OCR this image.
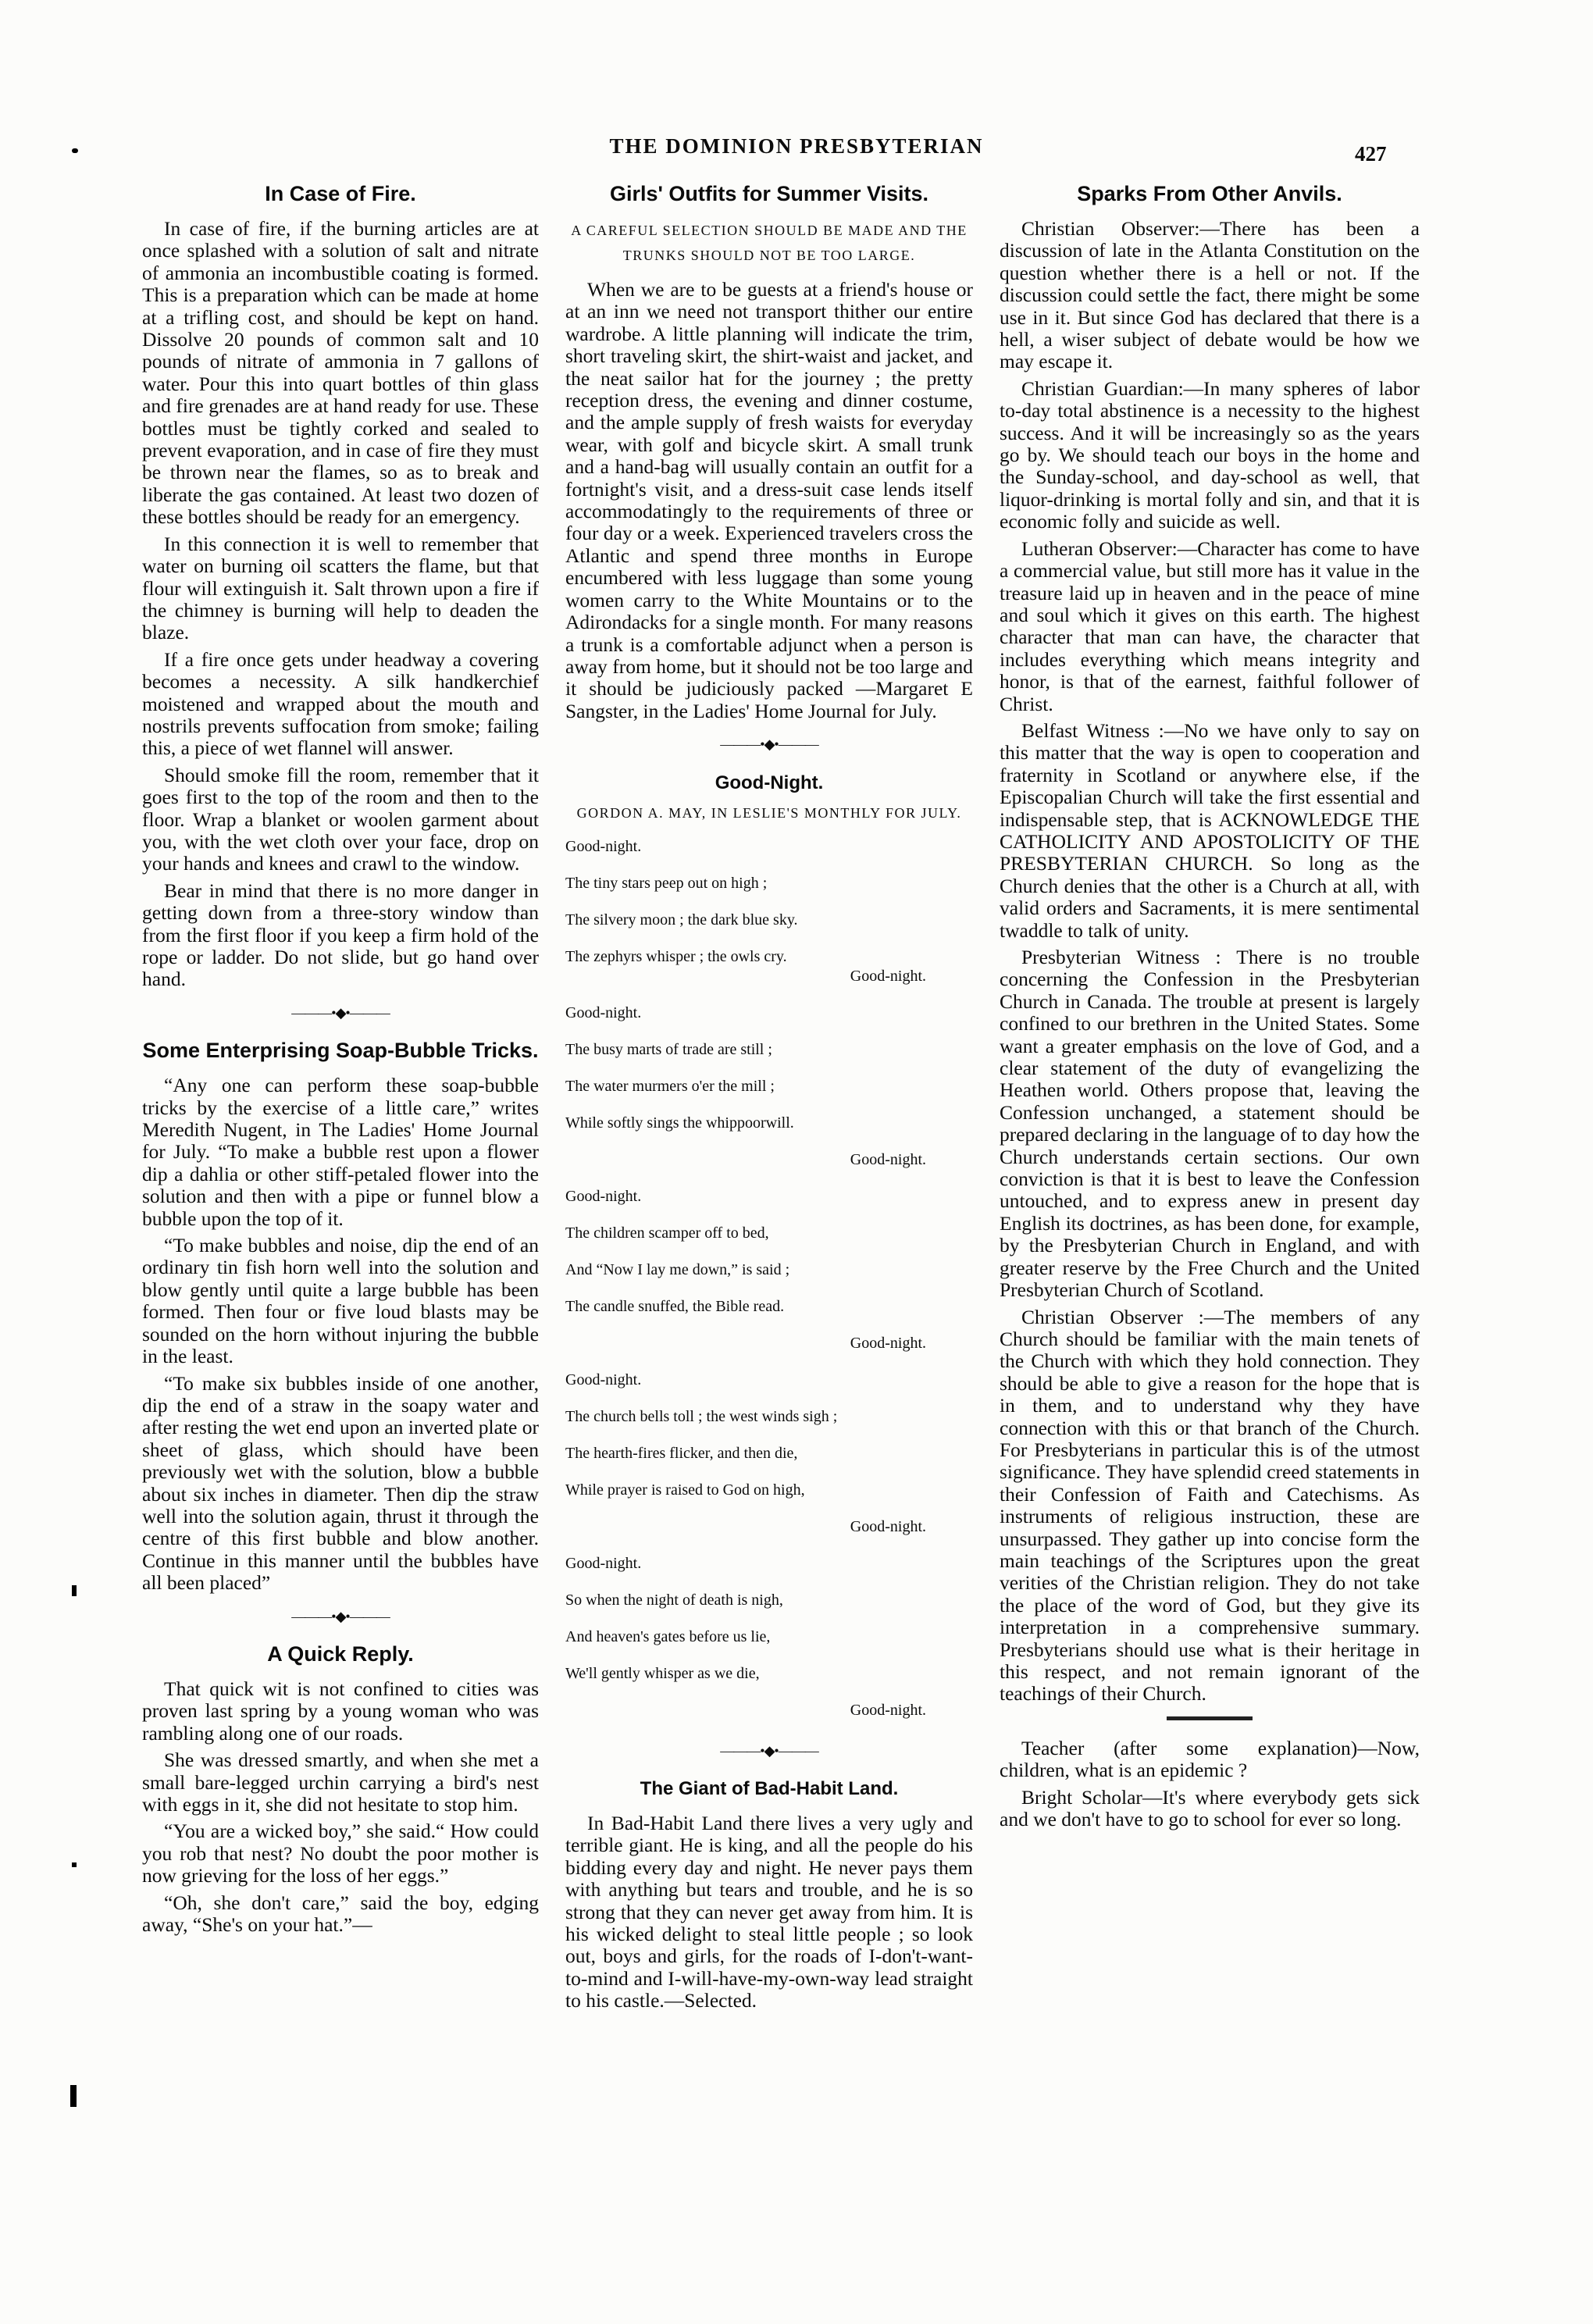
THE DOMINION PRESBYTERIAN	427
In Case of Fire.

In case of fire, if the burning articles are at once splashed with a solution of salt and nitrate of ammonia an incombustible coating is formed. This is a preparation which can be made at home at a trifling cost, and should be kept on hand. Dissolve 20 pounds of common salt and 10 pounds of nitrate of ammonia in 7 gallons of water. Pour this into quart bottles of thin glass and fire grenades are at hand ready for use. These bottles must be tightly corked and sealed to prevent evaporation, and in case of fire they must be thrown near the flames, so as to break and liberate the gas contained. At least two dozen of these bottles should be ready for an emergency.

In this connection it is well to remember that water on burning oil scatters the flame, but that flour will extinguish it. Salt thrown upon a fire if the chimney is burning will help to deaden the blaze.

If a fire once gets under headway a covering becomes a necessity. A silk handkerchief moistened and wrapped about the mouth and nostrils prevents suffocation from smoke; failing this, a piece of wet flannel will answer.

Should smoke fill the room, remember that it goes first to the top of the room and then to the floor. Wrap a blanket or woolen garment about you, with the wet cloth over your face, drop on your hands and knees and crawl to the window.

Bear in mind that there is no more danger in getting down from a three-story window than from the first floor if you keep a firm hold of the rope or ladder. Do not slide, but go hand over hand.

———•◆•———
Some Enterprising Soap-Bubble Tricks.

“Any one can perform these soap-bubble tricks by the exercise of a little care,” writes Meredith Nugent, in The Ladies' Home Journal for July. “To make a bubble rest upon a flower dip a dahlia or other stiff-petaled flower into the solution and then with a pipe or funnel blow a bubble upon the top of it.

“To make bubbles and noise, dip the end of an ordinary tin fish horn well into the solution and blow gently until quite a large bubble has been formed. Then four or five loud blasts may be sounded on the horn without injuring the bubble in the least.

“To make six bubbles inside of one another, dip the end of a straw in the soapy water and after resting the wet end upon an inverted plate or sheet of glass, which should have been previously wet with the solution, blow a bubble about six inches in diameter. Then dip the straw well into the solution again, thrust it through the centre of this first bubble and blow another. Continue in this manner until the bubbles have all been placed”

———•◆•———
A Quick Reply.

That quick wit is not confined to cities was proven last spring by a young woman who was rambling along one of our roads.

She was dressed smartly, and when she met a small bare-legged urchin carrying a bird's nest with eggs in it, she did not hesitate to stop him.

“You are a wicked boy,” she said.“ How could you rob that nest? No doubt the poor mother is now grieving for the loss of her eggs.”

“Oh, she don't care,” said the boy, edging away, “She's on your hat.”—

Girls' Outfits for Summer Visits.
A CAREFUL SELECTION SHOULD BE MADE AND THE TRUNKS SHOULD NOT BE TOO LARGE.

When we are to be guests at a friend's house or at an inn we need not transport thither our entire wardrobe. A little planning will indicate the trim, short traveling skirt, the shirt-waist and jacket, and the neat sailor hat for the journey ; the pretty reception dress, the evening and dinner costume, and the ample supply of fresh waists for everyday wear, with golf and bicycle skirt. A small trunk and a hand-bag will usually contain an outfit for a fortnight's visit, and a dress-suit case lends itself accommodatingly to the requirements of three or four day or a week. Experienced travelers cross the Atlantic and spend three months in Europe encumbered with less luggage than some young women carry to the White Mountains or to the Adirondacks for a single month. For many reasons a trunk is a comfortable adjunct when a person is away from home, but it should not be too large and it should be judiciously packed —Margaret E Sangster, in the Ladies' Home Journal for July.

———•◆•———
Good-Night.
GORDON A. MAY, IN LESLIE'S MONTHLY FOR JULY.
Good-night.
The tiny stars peep out on high ;
The silvery moon ; the dark blue sky.
The zephyrs whisper ; the owls cry.
Good-night.
Good-night.
The busy marts of trade are still ;
The water murmers o'er the mill ;
While softly sings the whippoorwill.
Good-night.
Good-night.
The children scamper off to bed,
And “Now I lay me down,” is said ;
The candle snuffed, the Bible read.
Good-night.
Good-night.
The church bells toll ; the west winds sigh ;
The hearth-fires flicker, and then die,
While prayer is raised to God on high,
Good-night.
Good-night.
So when the night of death is nigh,
And heaven's gates before us lie,
We'll gently whisper as we die,
Good-night.
———•◆•———
The Giant of Bad-Habit Land.

In Bad-Habit Land there lives a very ugly and terrible giant. He is king, and all the people do his bidding every day and night. He never pays them with anything but tears and trouble, and he is so strong that they can never get away from him. It is his wicked delight to steal little people ; so look out, boys and girls, for the roads of I-don't-want-to-mind and I-will-have-my-own-way lead straight to his castle.—Selected.

Sparks From Other Anvils.

Christian Observer:—There has been a discussion of late in the Atlanta Constitution on the question whether there is a hell or not. If the discussion could settle the fact, there might be some use in it. But since God has declared that there is a hell, a wiser subject of debate would be how we may escape it.

Christian Guardian:—In many spheres of labor to-day total abstinence is a necessity to the highest success. And it will be increasingly so as the years go by. We should teach our boys in the home and the Sunday-school, and day-school as well, that liquor-drinking is mortal folly and sin, and that it is economic folly and suicide as well.

Lutheran Observer:—Character has come to have a commercial value, but still more has it value in the treasure laid up in heaven and in the peace of mine and soul which it gives on this earth. The highest character that man can have, the character that includes everything which means integrity and honor, is that of the earnest, faithful follower of Christ.

Belfast Witness :—No we have only to say on this matter that the way is open to cooperation and fraternity in Scotland or anywhere else, if the Episcopalian Church will take the first essential and indispensable step, that is ACKNOWLEDGE THE CATHOLICITY AND APOSTOLICITY OF THE PRESBYTERIAN CHURCH. So long as the Church denies that the other is a Church at all, with valid orders and Sacraments, it is mere sentimental twaddle to talk of unity.

Presbyterian Witness : There is no trouble concerning the Confession in the Presbyterian Church in Canada. The trouble at present is largely confined to our brethren in the United States. Some want a greater emphasis on the love of God, and a clear statement of the duty of evangelizing the Heathen world. Others propose that, leaving the Confession unchanged, a statement should be prepared declaring in the language of to day how the Church understands certain sections. Our own conviction is that it is best to leave the Confession untouched, and to express anew in present day English its doctrines, as has been done, for example, by the Presbyterian Church in England, and with greater reserve by the Free Church and the United Presbyterian Church of Scotland.

Christian Observer :—The members of any Church should be familiar with the main tenets of the Church with which they hold connection. They should be able to give a reason for the hope that is in them, and to understand why they have connection with this or that branch of the Church. For Presbyterians in particular this is of the utmost significance. They have splendid creed statements in their Confession of Faith and Catechisms. As instruments of religious instruction, these are unsurpassed. They gather up into concise form the main teachings of the Scriptures upon the great verities of the Christian religion. They do not take the place of the word of God, but they give its interpretation in a comprehensive summary. Presbyterians should use what is their heritage in this respect, and not remain ignorant of the teachings of their Church.

Teacher (after some explanation)—Now, children, what is an epidemic ?

Bright Scholar—It's where everybody gets sick and we don't have to go to school for ever so long.
